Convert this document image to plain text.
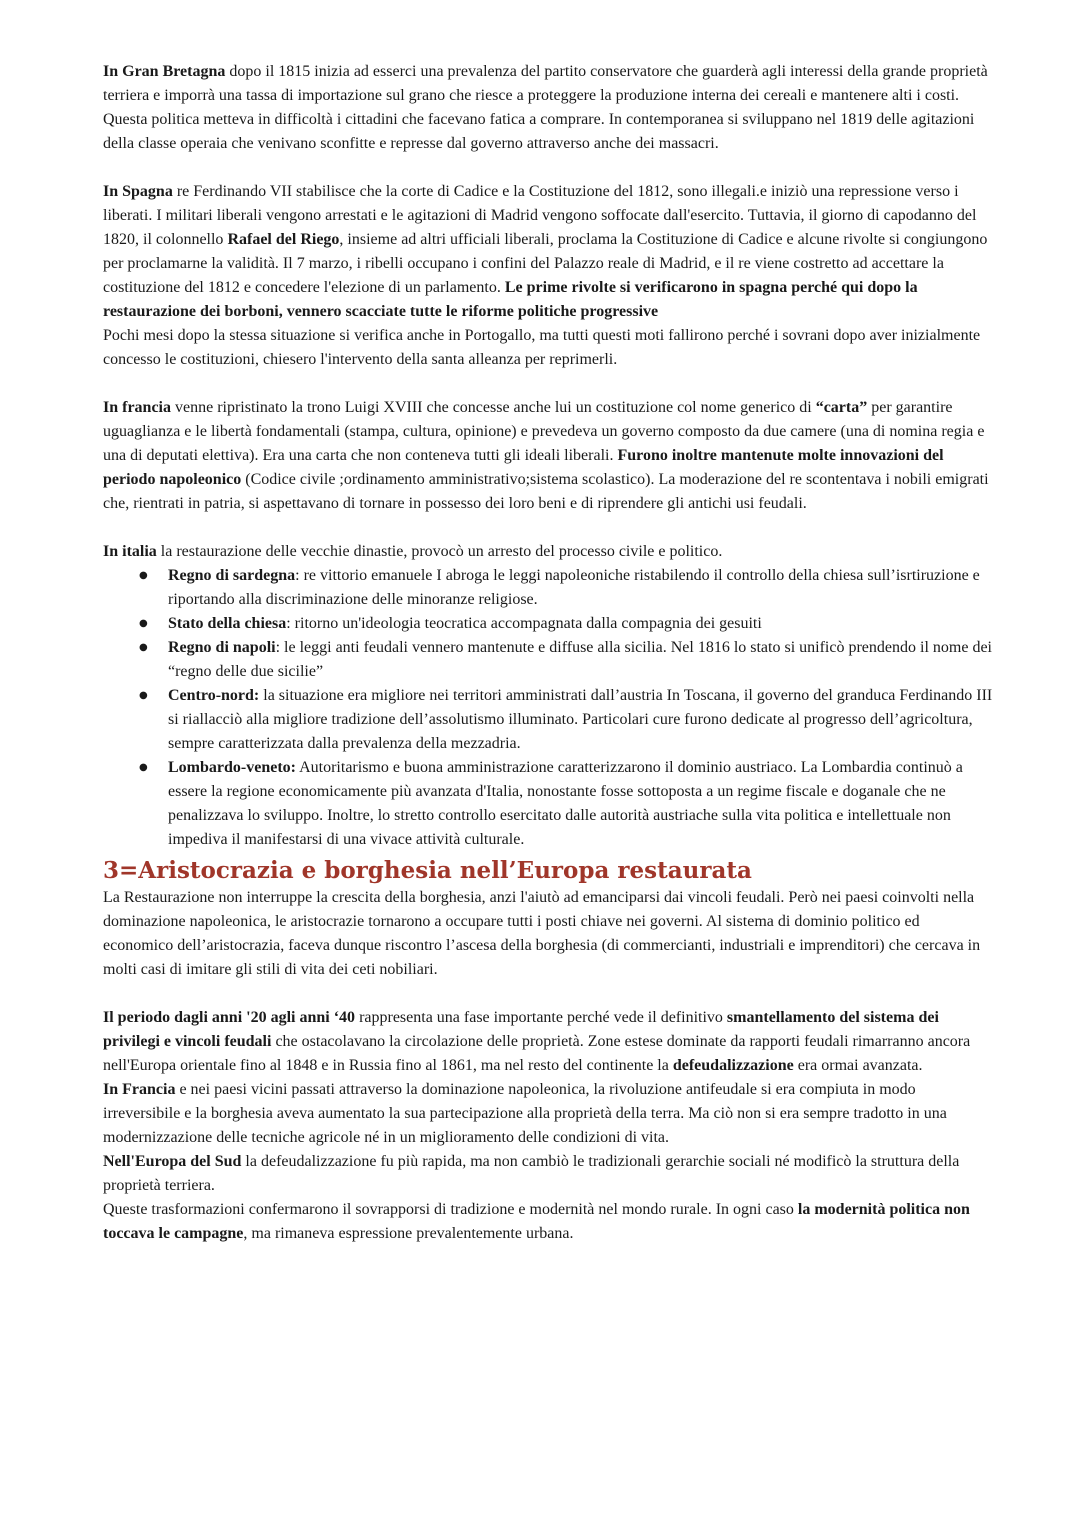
In Gran Bretagna dopo il 1815 inizia ad esserci una prevalenza del partito conservatore che guarderà agli interessi della grande proprietà terriera e imporrà una tassa di importazione sul grano che riesce a proteggere la produzione interna dei cereali e mantenere alti i costi. Questa politica metteva in difficoltà i cittadini che facevano fatica a comprare. In contemporanea si sviluppano nel 1819 delle agitazioni della classe operaia che venivano sconfitte e represse dal governo attraverso anche dei massacri.

In Spagna re Ferdinando VII stabilisce che la corte di Cadice e la Costituzione del 1812, sono illegali.e iniziò una repressione verso i liberati. I militari liberali vengono arrestati e le agitazioni di Madrid vengono soffocate dall'esercito. Tuttavia, il giorno di capodanno del 1820, il colonnello Rafael del Riego, insieme ad altri ufficiali liberali, proclama la Costituzione di Cadice e alcune rivolte si congiungono per proclamarne la validità. Il 7 marzo, i ribelli occupano i confini del Palazzo reale di Madrid, e il re viene costretto ad accettare la costituzione del 1812 e concedere l'elezione di un parlamento. Le prime rivolte si verificarono in spagna perché qui dopo la restaurazione dei borboni, vennero scacciate tutte le riforme politiche progressive

Pochi mesi dopo la stessa situazione si verifica anche in Portogallo, ma tutti questi moti fallirono perché i sovrani dopo aver inizialmente concesso le costituzioni, chiesero l'intervento della santa alleanza per reprimerli.

In francia venne ripristinato la trono Luigi XVIII che concesse anche lui un costituzione col nome generico di “carta” per garantire uguaglianza e le libertà fondamentali (stampa, cultura, opinione) e prevedeva un governo composto da due camere (una di nomina regia e una di deputati elettiva). Era una carta che non conteneva tutti gli ideali liberali. Furono inoltre mantenute molte innovazioni del periodo napoleonico (Codice civile ;ordinamento amministrativo;sistema scolastico). La moderazione del re scontentava i nobili emigrati che, rientrati in patria, si aspettavano di tornare in possesso dei loro beni e di riprendere gli antichi usi feudali.

In italia la restaurazione delle vecchie dinastie, provocò un arresto del processo civile e politico.

● Regno di sardegna: re vittorio emanuele I abroga le leggi napoleoniche ristabilendo il controllo della chiesa sull’isrtiruzione e riportando alla discriminazione delle minoranze religiose.
● Stato della chiesa: ritorno un'ideologia teocratica accompagnata dalla compagnia dei gesuiti
● Regno di napoli: le leggi anti feudali vennero mantenute e diffuse alla sicilia. Nel 1816 lo stato si unificò prendendo il nome dei “regno delle due sicilie”
● Centro-nord: la situazione era migliore nei territori amministrati dall’austria In Toscana, il governo del granduca Ferdinando III si riallacciò alla migliore tradizione dell’assolutismo illuminato. Particolari cure furono dedicate al progresso dell’agricoltura, sempre caratterizzata dalla prevalenza della mezzadria.
● Lombardo-veneto: Autoritarismo e buona amministrazione caratterizzarono il dominio austriaco. La Lombardia continuò a essere la regione economicamente più avanzata d'Italia, nonostante fosse sottoposta a un regime fiscale e doganale che ne penalizzava lo sviluppo. Inoltre, lo stretto controllo esercitato dalle autorità austriache sulla vita politica e intellettuale non impediva il manifestarsi di una vivace attività culturale.
3=Aristocrazia e borghesia nell’Europa restaurata

La Restaurazione non interruppe la crescita della borghesia, anzi l'aiutò ad emanciparsi dai vincoli feudali. Però nei paesi coinvolti nella dominazione napoleonica, le aristocrazie tornarono a occupare tutti i posti chiave nei governi. Al sistema di dominio politico ed economico dell’aristocrazia, faceva dunque riscontro l’ascesa della borghesia (di commercianti, industriali e imprenditori) che cercava in molti casi di imitare gli stili di vita dei ceti nobiliari.

Il periodo dagli anni '20 agli anni ‘40 rappresenta una fase importante perché vede il definitivo smantellamento del sistema dei privilegi e vincoli feudali che ostacolavano la circolazione delle proprietà. Zone estese dominate da rapporti feudali rimarranno ancora nell'Europa orientale fino al 1848 e in Russia fino al 1861, ma nel resto del continente la defeudalizzazione era ormai avanzata.

In Francia e nei paesi vicini passati attraverso la dominazione napoleonica, la rivoluzione antifeudale si era compiuta in modo irreversibile e la borghesia aveva aumentato la sua partecipazione alla proprietà della terra. Ma ciò non si era sempre tradotto in una modernizzazione delle tecniche agricole né in un miglioramento delle condizioni di vita.

Nell'Europa del Sud la defeudalizzazione fu più rapida, ma non cambiò le tradizionali gerarchie sociali né modificò la struttura della proprietà terriera.

Queste trasformazioni confermarono il sovrapporsi di tradizione e modernità nel mondo rurale. In ogni caso la modernità politica non toccava le campagne, ma rimaneva espressione prevalentemente urbana.
